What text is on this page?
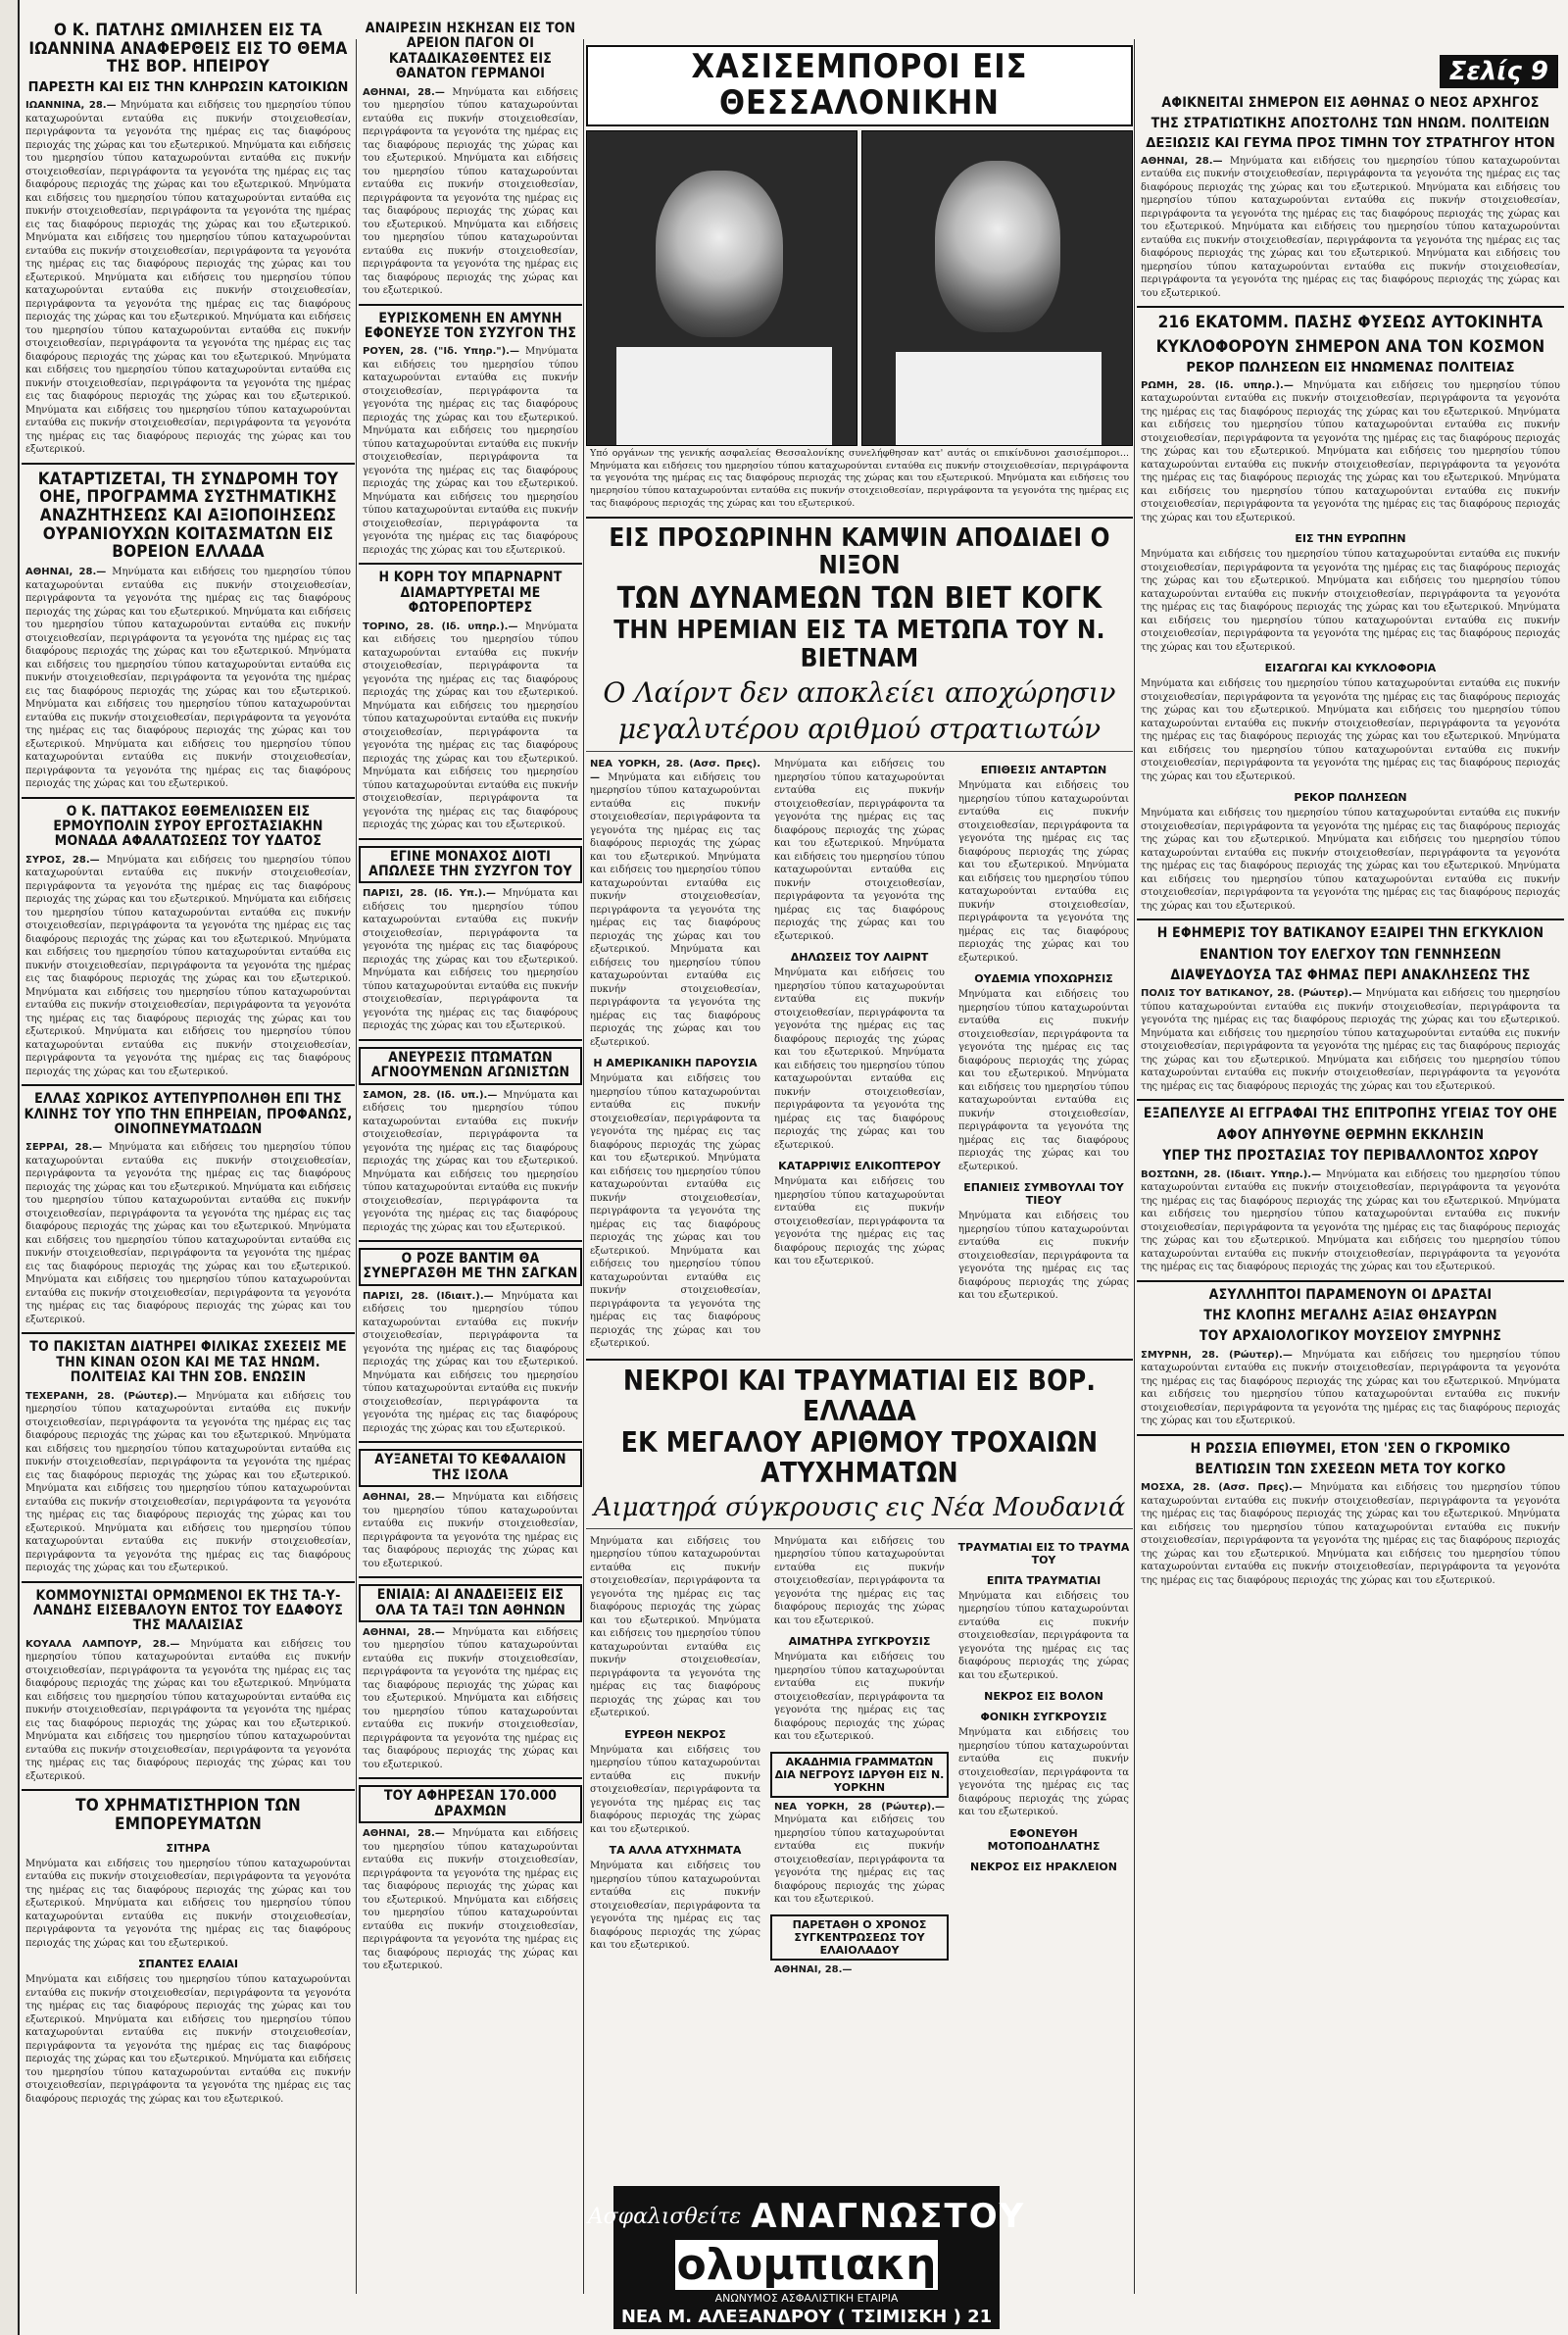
Ο Κ. ΠΑΤΛΗΣ ΩΜΙΛΗΣΕΝ ΕΙΣ ΤΑ ΙΩΑΝΝΙΝΑ ΑΝΑΦΕΡΘΕΙΣ ΕΙΣ ΤΟ ΘΕΜΑ ΤΗΣ ΒΟΡ. ΗΠΕΙΡΟΥ
ΠΑΡΕΣΤΗ ΚΑΙ ΕΙΣ ΤΗΝ ΚΛΗΡΩΣΙΝ ΚΑΤΟΙΚΙΩΝ
ΙΩΑΝΝΙΝΑ, 28.— Μηνύματα και ειδήσεις του ημερησίου τύπου καταχωρούνται ενταύθα εις πυκνήν στοιχειοθεσίαν, περιγράφοντα τα γεγονότα της ημέρας εις τας διαφόρους περιοχάς της χώρας και του εξωτερικού. Μηνύματα και ειδήσεις του ημερησίου τύπου καταχωρούνται ενταύθα εις πυκνήν στοιχειοθεσίαν, περιγράφοντα τα γεγονότα της ημέρας εις τας διαφόρους περιοχάς της χώρας και του εξωτερικού. Μηνύματα και ειδήσεις του ημερησίου τύπου καταχωρούνται ενταύθα εις πυκνήν στοιχειοθεσίαν, περιγράφοντα τα γεγονότα της ημέρας εις τας διαφόρους περιοχάς της χώρας και του εξωτερικού. Μηνύματα και ειδήσεις του ημερησίου τύπου καταχωρούνται ενταύθα εις πυκνήν στοιχειοθεσίαν, περιγράφοντα τα γεγονότα της ημέρας εις τας διαφόρους περιοχάς της χώρας και του εξωτερικού. Μηνύματα και ειδήσεις του ημερησίου τύπου καταχωρούνται ενταύθα εις πυκνήν στοιχειοθεσίαν, περιγράφοντα τα γεγονότα της ημέρας εις τας διαφόρους περιοχάς της χώρας και του εξωτερικού. Μηνύματα και ειδήσεις του ημερησίου τύπου καταχωρούνται ενταύθα εις πυκνήν στοιχειοθεσίαν, περιγράφοντα τα γεγονότα της ημέρας εις τας διαφόρους περιοχάς της χώρας και του εξωτερικού. Μηνύματα και ειδήσεις του ημερησίου τύπου καταχωρούνται ενταύθα εις πυκνήν στοιχειοθεσίαν, περιγράφοντα τα γεγονότα της ημέρας εις τας διαφόρους περιοχάς της χώρας και του εξωτερικού. Μηνύματα και ειδήσεις του ημερησίου τύπου καταχωρούνται ενταύθα εις πυκνήν στοιχειοθεσίαν, περιγράφοντα τα γεγονότα της ημέρας εις τας διαφόρους περιοχάς της χώρας και του εξωτερικού.
ΚΑΤΑΡΤΙΖΕΤΑΙ, ΤΗ ΣΥΝΔΡΟΜΗ ΤΟΥ ΟΗΕ, ΠΡΟΓΡΑΜΜΑ ΣΥΣΤΗΜΑΤΙΚΗΣ ΑΝΑΖΗΤΗΣΕΩΣ ΚΑΙ ΑΞΙΟΠΟΙΗΣΕΩΣ ΟΥΡΑΝΙΟΥΧΩΝ ΚΟΙΤΑΣΜΑΤΩΝ ΕΙΣ ΒΟΡΕΙΟΝ ΕΛΛΑΔΑ
ΑΘΗΝΑΙ, 28.— Μηνύματα και ειδήσεις του ημερησίου τύπου καταχωρούνται ενταύθα εις πυκνήν στοιχειοθεσίαν, περιγράφοντα τα γεγονότα της ημέρας εις τας διαφόρους περιοχάς της χώρας και του εξωτερικού. Μηνύματα και ειδήσεις του ημερησίου τύπου καταχωρούνται ενταύθα εις πυκνήν στοιχειοθεσίαν, περιγράφοντα τα γεγονότα της ημέρας εις τας διαφόρους περιοχάς της χώρας και του εξωτερικού. Μηνύματα και ειδήσεις του ημερησίου τύπου καταχωρούνται ενταύθα εις πυκνήν στοιχειοθεσίαν, περιγράφοντα τα γεγονότα της ημέρας εις τας διαφόρους περιοχάς της χώρας και του εξωτερικού. Μηνύματα και ειδήσεις του ημερησίου τύπου καταχωρούνται ενταύθα εις πυκνήν στοιχειοθεσίαν, περιγράφοντα τα γεγονότα της ημέρας εις τας διαφόρους περιοχάς της χώρας και του εξωτερικού. Μηνύματα και ειδήσεις του ημερησίου τύπου καταχωρούνται ενταύθα εις πυκνήν στοιχειοθεσίαν, περιγράφοντα τα γεγονότα της ημέρας εις τας διαφόρους περιοχάς της χώρας και του εξωτερικού.
Ο Κ. ΠΑΤΤΑΚΟΣ ΕΘΕΜΕΛΙΩΣΕΝ ΕΙΣ ΕΡΜΟΥΠΟΛΙΝ ΣΥΡΟΥ ΕΡΓΟΣΤΑΣΙΑΚΗΝ ΜΟΝΑΔΑ ΑΦΑΛΑΤΩΣΕΩΣ ΤΟΥ ΥΔΑΤΟΣ
ΣΥΡΟΣ, 28.— Μηνύματα και ειδήσεις του ημερησίου τύπου καταχωρούνται ενταύθα εις πυκνήν στοιχειοθεσίαν, περιγράφοντα τα γεγονότα της ημέρας εις τας διαφόρους περιοχάς της χώρας και του εξωτερικού. Μηνύματα και ειδήσεις του ημερησίου τύπου καταχωρούνται ενταύθα εις πυκνήν στοιχειοθεσίαν, περιγράφοντα τα γεγονότα της ημέρας εις τας διαφόρους περιοχάς της χώρας και του εξωτερικού. Μηνύματα και ειδήσεις του ημερησίου τύπου καταχωρούνται ενταύθα εις πυκνήν στοιχειοθεσίαν, περιγράφοντα τα γεγονότα της ημέρας εις τας διαφόρους περιοχάς της χώρας και του εξωτερικού. Μηνύματα και ειδήσεις του ημερησίου τύπου καταχωρούνται ενταύθα εις πυκνήν στοιχειοθεσίαν, περιγράφοντα τα γεγονότα της ημέρας εις τας διαφόρους περιοχάς της χώρας και του εξωτερικού. Μηνύματα και ειδήσεις του ημερησίου τύπου καταχωρούνται ενταύθα εις πυκνήν στοιχειοθεσίαν, περιγράφοντα τα γεγονότα της ημέρας εις τας διαφόρους περιοχάς της χώρας και του εξωτερικού.
ΕΛΛΑΣ ΧΩΡΙΚΟΣ ΑΥΤΕΠΥΡΠΟΛΗΘΗ ΕΠΙ ΤΗΣ ΚΛΙΝΗΣ ΤΟΥ ΥΠΟ ΤΗΝ ΕΠΗΡΕΙΑΝ, ΠΡΟΦΑΝΩΣ, ΟΙΝΟΠΝΕΥΜΑΤΩΔΩΝ
ΣΕΡΡΑΙ, 28.— Μηνύματα και ειδήσεις του ημερησίου τύπου καταχωρούνται ενταύθα εις πυκνήν στοιχειοθεσίαν, περιγράφοντα τα γεγονότα της ημέρας εις τας διαφόρους περιοχάς της χώρας και του εξωτερικού. Μηνύματα και ειδήσεις του ημερησίου τύπου καταχωρούνται ενταύθα εις πυκνήν στοιχειοθεσίαν, περιγράφοντα τα γεγονότα της ημέρας εις τας διαφόρους περιοχάς της χώρας και του εξωτερικού. Μηνύματα και ειδήσεις του ημερησίου τύπου καταχωρούνται ενταύθα εις πυκνήν στοιχειοθεσίαν, περιγράφοντα τα γεγονότα της ημέρας εις τας διαφόρους περιοχάς της χώρας και του εξωτερικού. Μηνύματα και ειδήσεις του ημερησίου τύπου καταχωρούνται ενταύθα εις πυκνήν στοιχειοθεσίαν, περιγράφοντα τα γεγονότα της ημέρας εις τας διαφόρους περιοχάς της χώρας και του εξωτερικού.
ΤΟ ΠΑΚΙΣΤΑΝ ΔΙΑΤΗΡΕΙ ΦΙΛΙΚΑΣ ΣΧΕΣΕΙΣ ΜΕ ΤΗΝ ΚΙΝΑΝ ΟΣΟΝ ΚΑΙ ΜΕ ΤΑΣ ΗΝΩΜ. ΠΟΛΙΤΕΙΑΣ ΚΑΙ ΤΗΝ ΣΟΒ. ΕΝΩΣΙΝ
ΤΕΧΕΡΑΝΗ, 28. (Ρώυτερ).— Μηνύματα και ειδήσεις του ημερησίου τύπου καταχωρούνται ενταύθα εις πυκνήν στοιχειοθεσίαν, περιγράφοντα τα γεγονότα της ημέρας εις τας διαφόρους περιοχάς της χώρας και του εξωτερικού. Μηνύματα και ειδήσεις του ημερησίου τύπου καταχωρούνται ενταύθα εις πυκνήν στοιχειοθεσίαν, περιγράφοντα τα γεγονότα της ημέρας εις τας διαφόρους περιοχάς της χώρας και του εξωτερικού. Μηνύματα και ειδήσεις του ημερησίου τύπου καταχωρούνται ενταύθα εις πυκνήν στοιχειοθεσίαν, περιγράφοντα τα γεγονότα της ημέρας εις τας διαφόρους περιοχάς της χώρας και του εξωτερικού. Μηνύματα και ειδήσεις του ημερησίου τύπου καταχωρούνται ενταύθα εις πυκνήν στοιχειοθεσίαν, περιγράφοντα τα γεγονότα της ημέρας εις τας διαφόρους περιοχάς της χώρας και του εξωτερικού.
ΚΟΜΜΟΥΝΙΣΤΑΙ ΟΡΜΩΜΕΝΟΙ ΕΚ ΤΗΣ ΤΑ-Υ-ΛΑΝΔΗΣ ΕΙΣΕΒΑΛΟΥΝ ΕΝΤΟΣ ΤΟΥ ΕΔΑΦΟΥΣ ΤΗΣ ΜΑΛΑΙΣΙΑΣ
ΚΟΥΑΛΑ ΛΑΜΠΟΥΡ, 28.— Μηνύματα και ειδήσεις του ημερησίου τύπου καταχωρούνται ενταύθα εις πυκνήν στοιχειοθεσίαν, περιγράφοντα τα γεγονότα της ημέρας εις τας διαφόρους περιοχάς της χώρας και του εξωτερικού. Μηνύματα και ειδήσεις του ημερησίου τύπου καταχωρούνται ενταύθα εις πυκνήν στοιχειοθεσίαν, περιγράφοντα τα γεγονότα της ημέρας εις τας διαφόρους περιοχάς της χώρας και του εξωτερικού. Μηνύματα και ειδήσεις του ημερησίου τύπου καταχωρούνται ενταύθα εις πυκνήν στοιχειοθεσίαν, περιγράφοντα τα γεγονότα της ημέρας εις τας διαφόρους περιοχάς της χώρας και του εξωτερικού.
ΤΟ ΧΡΗΜΑΤΙΣΤΗΡΙΟΝ ΤΩΝ ΕΜΠΟΡΕΥΜΑΤΩΝ
ΣΙΤΗΡΑ
Μηνύματα και ειδήσεις του ημερησίου τύπου καταχωρούνται ενταύθα εις πυκνήν στοιχειοθεσίαν, περιγράφοντα τα γεγονότα της ημέρας εις τας διαφόρους περιοχάς της χώρας και του εξωτερικού. Μηνύματα και ειδήσεις του ημερησίου τύπου καταχωρούνται ενταύθα εις πυκνήν στοιχειοθεσίαν, περιγράφοντα τα γεγονότα της ημέρας εις τας διαφόρους περιοχάς της χώρας και του εξωτερικού.
ΣΠΑΝΤΕΣ ΕΛΑΙΑΙ
Μηνύματα και ειδήσεις του ημερησίου τύπου καταχωρούνται ενταύθα εις πυκνήν στοιχειοθεσίαν, περιγράφοντα τα γεγονότα της ημέρας εις τας διαφόρους περιοχάς της χώρας και του εξωτερικού. Μηνύματα και ειδήσεις του ημερησίου τύπου καταχωρούνται ενταύθα εις πυκνήν στοιχειοθεσίαν, περιγράφοντα τα γεγονότα της ημέρας εις τας διαφόρους περιοχάς της χώρας και του εξωτερικού. Μηνύματα και ειδήσεις του ημερησίου τύπου καταχωρούνται ενταύθα εις πυκνήν στοιχειοθεσίαν, περιγράφοντα τα γεγονότα της ημέρας εις τας διαφόρους περιοχάς της χώρας και του εξωτερικού.
ΑΝΑΙΡΕΣΙΝ ΗΣΚΗΣΑΝ ΕΙΣ ΤΟΝ ΑΡΕΙΟΝ ΠΑΓΟΝ ΟΙ ΚΑΤΑΔΙΚΑΣΘΕΝΤΕΣ ΕΙΣ ΘΑΝΑΤΟΝ ΓΕΡΜΑΝΟΙ
ΑΘΗΝΑΙ, 28.— Μηνύματα και ειδήσεις του ημερησίου τύπου καταχωρούνται ενταύθα εις πυκνήν στοιχειοθεσίαν, περιγράφοντα τα γεγονότα της ημέρας εις τας διαφόρους περιοχάς της χώρας και του εξωτερικού. Μηνύματα και ειδήσεις του ημερησίου τύπου καταχωρούνται ενταύθα εις πυκνήν στοιχειοθεσίαν, περιγράφοντα τα γεγονότα της ημέρας εις τας διαφόρους περιοχάς της χώρας και του εξωτερικού. Μηνύματα και ειδήσεις του ημερησίου τύπου καταχωρούνται ενταύθα εις πυκνήν στοιχειοθεσίαν, περιγράφοντα τα γεγονότα της ημέρας εις τας διαφόρους περιοχάς της χώρας και του εξωτερικού.
ΕΥΡΙΣΚΟΜΕΝΗ ΕΝ ΑΜΥΝΗ ΕΦΟΝΕΥΣΕ ΤΟΝ ΣΥΖΥΓΟΝ ΤΗΣ
ΡΟΥΕΝ, 28. ("Ιδ. Υπηρ.").— Μηνύματα και ειδήσεις του ημερησίου τύπου καταχωρούνται ενταύθα εις πυκνήν στοιχειοθεσίαν, περιγράφοντα τα γεγονότα της ημέρας εις τας διαφόρους περιοχάς της χώρας και του εξωτερικού. Μηνύματα και ειδήσεις του ημερησίου τύπου καταχωρούνται ενταύθα εις πυκνήν στοιχειοθεσίαν, περιγράφοντα τα γεγονότα της ημέρας εις τας διαφόρους περιοχάς της χώρας και του εξωτερικού. Μηνύματα και ειδήσεις του ημερησίου τύπου καταχωρούνται ενταύθα εις πυκνήν στοιχειοθεσίαν, περιγράφοντα τα γεγονότα της ημέρας εις τας διαφόρους περιοχάς της χώρας και του εξωτερικού.
Η ΚΟΡΗ ΤΟΥ ΜΠΑΡΝΑΡΝΤ ΔΙΑΜΑΡΤΥΡΕΤΑΙ ΜΕ ΦΩΤΟΡΕΠΟΡΤΕΡΣ
ΤΟΡΙΝΟ, 28. (Ιδ. υπηρ.).— Μηνύματα και ειδήσεις του ημερησίου τύπου καταχωρούνται ενταύθα εις πυκνήν στοιχειοθεσίαν, περιγράφοντα τα γεγονότα της ημέρας εις τας διαφόρους περιοχάς της χώρας και του εξωτερικού. Μηνύματα και ειδήσεις του ημερησίου τύπου καταχωρούνται ενταύθα εις πυκνήν στοιχειοθεσίαν, περιγράφοντα τα γεγονότα της ημέρας εις τας διαφόρους περιοχάς της χώρας και του εξωτερικού. Μηνύματα και ειδήσεις του ημερησίου τύπου καταχωρούνται ενταύθα εις πυκνήν στοιχειοθεσίαν, περιγράφοντα τα γεγονότα της ημέρας εις τας διαφόρους περιοχάς της χώρας και του εξωτερικού.
ΕΓΙΝΕ ΜΟΝΑΧΟΣ ΔΙΟΤΙ ΑΠΩΛΕΣΕ ΤΗΝ ΣΥΖΥΓΟΝ ΤΟΥ
ΠΑΡΙΣΙ, 28. (Ιδ. Υπ.).— Μηνύματα και ειδήσεις του ημερησίου τύπου καταχωρούνται ενταύθα εις πυκνήν στοιχειοθεσίαν, περιγράφοντα τα γεγονότα της ημέρας εις τας διαφόρους περιοχάς της χώρας και του εξωτερικού. Μηνύματα και ειδήσεις του ημερησίου τύπου καταχωρούνται ενταύθα εις πυκνήν στοιχειοθεσίαν, περιγράφοντα τα γεγονότα της ημέρας εις τας διαφόρους περιοχάς της χώρας και του εξωτερικού.
ΑΝΕΥΡΕΣΙΣ ΠΤΩΜΑΤΩΝ ΑΓΝΟΟΥΜΕΝΩΝ ΑΓΩΝΙΣΤΩΝ
ΣΑΜΟΝ, 28. (Ιδ. υπ.).— Μηνύματα και ειδήσεις του ημερησίου τύπου καταχωρούνται ενταύθα εις πυκνήν στοιχειοθεσίαν, περιγράφοντα τα γεγονότα της ημέρας εις τας διαφόρους περιοχάς της χώρας και του εξωτερικού. Μηνύματα και ειδήσεις του ημερησίου τύπου καταχωρούνται ενταύθα εις πυκνήν στοιχειοθεσίαν, περιγράφοντα τα γεγονότα της ημέρας εις τας διαφόρους περιοχάς της χώρας και του εξωτερικού.
Ο ΡΟΖΕ ΒΑΝΤΙΜ ΘΑ ΣΥΝΕΡΓΑΣΘΗ ΜΕ ΤΗΝ ΣΑΓΚΑΝ
ΠΑΡΙΣΙ, 28. (Ιδιαιτ.).— Μηνύματα και ειδήσεις του ημερησίου τύπου καταχωρούνται ενταύθα εις πυκνήν στοιχειοθεσίαν, περιγράφοντα τα γεγονότα της ημέρας εις τας διαφόρους περιοχάς της χώρας και του εξωτερικού. Μηνύματα και ειδήσεις του ημερησίου τύπου καταχωρούνται ενταύθα εις πυκνήν στοιχειοθεσίαν, περιγράφοντα τα γεγονότα της ημέρας εις τας διαφόρους περιοχάς της χώρας και του εξωτερικού.
ΑΥΞΑΝΕΤΑΙ ΤΟ ΚΕΦΑΛΑΙΟΝ ΤΗΣ ΙΣΟΛΑ
ΑΘΗΝΑΙ, 28.— Μηνύματα και ειδήσεις του ημερησίου τύπου καταχωρούνται ενταύθα εις πυκνήν στοιχειοθεσίαν, περιγράφοντα τα γεγονότα της ημέρας εις τας διαφόρους περιοχάς της χώρας και του εξωτερικού.
ΕΝΙΑΙΑ: ΑΙ ΑΝΑΔΕΙΞΕΙΣ ΕΙΣ ΟΛΑ ΤΑ ΤΑΞΙ ΤΩΝ ΑΘΗΝΩΝ
ΑΘΗΝΑΙ, 28.— Μηνύματα και ειδήσεις του ημερησίου τύπου καταχωρούνται ενταύθα εις πυκνήν στοιχειοθεσίαν, περιγράφοντα τα γεγονότα της ημέρας εις τας διαφόρους περιοχάς της χώρας και του εξωτερικού. Μηνύματα και ειδήσεις του ημερησίου τύπου καταχωρούνται ενταύθα εις πυκνήν στοιχειοθεσίαν, περιγράφοντα τα γεγονότα της ημέρας εις τας διαφόρους περιοχάς της χώρας και του εξωτερικού.
ΤΟΥ ΑΦΗΡΕΣΑΝ 170.000 ΔΡΑΧΜΩΝ
ΑΘΗΝΑΙ, 28.— Μηνύματα και ειδήσεις του ημερησίου τύπου καταχωρούνται ενταύθα εις πυκνήν στοιχειοθεσίαν, περιγράφοντα τα γεγονότα της ημέρας εις τας διαφόρους περιοχάς της χώρας και του εξωτερικού. Μηνύματα και ειδήσεις του ημερησίου τύπου καταχωρούνται ενταύθα εις πυκνήν στοιχειοθεσίαν, περιγράφοντα τα γεγονότα της ημέρας εις τας διαφόρους περιοχάς της χώρας και του εξωτερικού.
ΧΑΣΙΣΕΜΠΟΡΟΙ ΕΙΣ ΘΕΣΣΑΛΟΝΙΚΗΝ
Υπό οργάνων της γενικής ασφαλείας Θεσσαλονίκης συνελήφθησαν κατ' αυτάς οι επικίνδυνοι χασισέμποροι... Μηνύματα και ειδήσεις του ημερησίου τύπου καταχωρούνται ενταύθα εις πυκνήν στοιχειοθεσίαν, περιγράφοντα τα γεγονότα της ημέρας εις τας διαφόρους περιοχάς της χώρας και του εξωτερικού. Μηνύματα και ειδήσεις του ημερησίου τύπου καταχωρούνται ενταύθα εις πυκνήν στοιχειοθεσίαν, περιγράφοντα τα γεγονότα της ημέρας εις τας διαφόρους περιοχάς της χώρας και του εξωτερικού.
ΕΙΣ ΠΡΟΣΩΡΙΝΗΝ ΚΑΜΨΙΝ ΑΠΟΔΙΔΕΙ Ο ΝΙΞΟΝ
ΤΩΝ ΔΥΝΑΜΕΩΝ ΤΩΝ ΒΙΕΤ ΚΟΓΚ
ΤΗΝ ΗΡΕΜΙΑΝ ΕΙΣ ΤΑ ΜΕΤΩΠΑ ΤΟΥ Ν. ΒΙΕΤΝΑΜ
Ο Λαίρντ δεν αποκλείει αποχώρησιν
μεγαλυτέρου αριθμού στρατιωτών
ΝΕΑ ΥΟΡΚΗ, 28. (Ασσ. Πρες).— Μηνύματα και ειδήσεις του ημερησίου τύπου καταχωρούνται ενταύθα εις πυκνήν στοιχειοθεσίαν, περιγράφοντα τα γεγονότα της ημέρας εις τας διαφόρους περιοχάς της χώρας και του εξωτερικού. Μηνύματα και ειδήσεις του ημερησίου τύπου καταχωρούνται ενταύθα εις πυκνήν στοιχειοθεσίαν, περιγράφοντα τα γεγονότα της ημέρας εις τας διαφόρους περιοχάς της χώρας και του εξωτερικού. Μηνύματα και ειδήσεις του ημερησίου τύπου καταχωρούνται ενταύθα εις πυκνήν στοιχειοθεσίαν, περιγράφοντα τα γεγονότα της ημέρας εις τας διαφόρους περιοχάς της χώρας και του εξωτερικού.
Η ΑΜΕΡΙΚΑΝΙΚΗ ΠΑΡΟΥΣΙΑ
Μηνύματα και ειδήσεις του ημερησίου τύπου καταχωρούνται ενταύθα εις πυκνήν στοιχειοθεσίαν, περιγράφοντα τα γεγονότα της ημέρας εις τας διαφόρους περιοχάς της χώρας και του εξωτερικού. Μηνύματα και ειδήσεις του ημερησίου τύπου καταχωρούνται ενταύθα εις πυκνήν στοιχειοθεσίαν, περιγράφοντα τα γεγονότα της ημέρας εις τας διαφόρους περιοχάς της χώρας και του εξωτερικού. Μηνύματα και ειδήσεις του ημερησίου τύπου καταχωρούνται ενταύθα εις πυκνήν στοιχειοθεσίαν, περιγράφοντα τα γεγονότα της ημέρας εις τας διαφόρους περιοχάς της χώρας και του εξωτερικού.
Μηνύματα και ειδήσεις του ημερησίου τύπου καταχωρούνται ενταύθα εις πυκνήν στοιχειοθεσίαν, περιγράφοντα τα γεγονότα της ημέρας εις τας διαφόρους περιοχάς της χώρας και του εξωτερικού. Μηνύματα και ειδήσεις του ημερησίου τύπου καταχωρούνται ενταύθα εις πυκνήν στοιχειοθεσίαν, περιγράφοντα τα γεγονότα της ημέρας εις τας διαφόρους περιοχάς της χώρας και του εξωτερικού.
ΔΗΛΩΣΕΙΣ ΤΟΥ ΛΑΙΡΝΤ
Μηνύματα και ειδήσεις του ημερησίου τύπου καταχωρούνται ενταύθα εις πυκνήν στοιχειοθεσίαν, περιγράφοντα τα γεγονότα της ημέρας εις τας διαφόρους περιοχάς της χώρας και του εξωτερικού. Μηνύματα και ειδήσεις του ημερησίου τύπου καταχωρούνται ενταύθα εις πυκνήν στοιχειοθεσίαν, περιγράφοντα τα γεγονότα της ημέρας εις τας διαφόρους περιοχάς της χώρας και του εξωτερικού.
ΚΑΤΑΡΡΙΨΙΣ ΕΛΙΚΟΠΤΕΡΟΥ
Μηνύματα και ειδήσεις του ημερησίου τύπου καταχωρούνται ενταύθα εις πυκνήν στοιχειοθεσίαν, περιγράφοντα τα γεγονότα της ημέρας εις τας διαφόρους περιοχάς της χώρας και του εξωτερικού.
ΕΠΙΘΕΣΙΣ ΑΝΤΑΡΤΩΝ
Μηνύματα και ειδήσεις του ημερησίου τύπου καταχωρούνται ενταύθα εις πυκνήν στοιχειοθεσίαν, περιγράφοντα τα γεγονότα της ημέρας εις τας διαφόρους περιοχάς της χώρας και του εξωτερικού. Μηνύματα και ειδήσεις του ημερησίου τύπου καταχωρούνται ενταύθα εις πυκνήν στοιχειοθεσίαν, περιγράφοντα τα γεγονότα της ημέρας εις τας διαφόρους περιοχάς της χώρας και του εξωτερικού.
ΟΥΔΕΜΙΑ ΥΠΟΧΩΡΗΣΙΣ
Μηνύματα και ειδήσεις του ημερησίου τύπου καταχωρούνται ενταύθα εις πυκνήν στοιχειοθεσίαν, περιγράφοντα τα γεγονότα της ημέρας εις τας διαφόρους περιοχάς της χώρας και του εξωτερικού. Μηνύματα και ειδήσεις του ημερησίου τύπου καταχωρούνται ενταύθα εις πυκνήν στοιχειοθεσίαν, περιγράφοντα τα γεγονότα της ημέρας εις τας διαφόρους περιοχάς της χώρας και του εξωτερικού.
ΕΠΑΝΙΕΙΣ ΣΥΜΒΟΥΛΑΙ ΤΟΥ ΤΙΕΟΥ
Μηνύματα και ειδήσεις του ημερησίου τύπου καταχωρούνται ενταύθα εις πυκνήν στοιχειοθεσίαν, περιγράφοντα τα γεγονότα της ημέρας εις τας διαφόρους περιοχάς της χώρας και του εξωτερικού.
ΝΕΚΡΟΙ ΚΑΙ ΤΡΑΥΜΑΤΙΑΙ ΕΙΣ ΒΟΡ. ΕΛΛΑΔΑ
ΕΚ ΜΕΓΑΛΟΥ ΑΡΙΘΜΟΥ ΤΡΟΧΑΙΩΝ ΑΤΥΧΗΜΑΤΩΝ
Αιματηρά σύγκρουσις εις Νέα Μουδανιά
Μηνύματα και ειδήσεις του ημερησίου τύπου καταχωρούνται ενταύθα εις πυκνήν στοιχειοθεσίαν, περιγράφοντα τα γεγονότα της ημέρας εις τας διαφόρους περιοχάς της χώρας και του εξωτερικού. Μηνύματα και ειδήσεις του ημερησίου τύπου καταχωρούνται ενταύθα εις πυκνήν στοιχειοθεσίαν, περιγράφοντα τα γεγονότα της ημέρας εις τας διαφόρους περιοχάς της χώρας και του εξωτερικού.
ΕΥΡΕΘΗ ΝΕΚΡΟΣ
Μηνύματα και ειδήσεις του ημερησίου τύπου καταχωρούνται ενταύθα εις πυκνήν στοιχειοθεσίαν, περιγράφοντα τα γεγονότα της ημέρας εις τας διαφόρους περιοχάς της χώρας και του εξωτερικού.
ΤΑ ΑΛΛΑ ΑΤΥΧΗΜΑΤΑ
Μηνύματα και ειδήσεις του ημερησίου τύπου καταχωρούνται ενταύθα εις πυκνήν στοιχειοθεσίαν, περιγράφοντα τα γεγονότα της ημέρας εις τας διαφόρους περιοχάς της χώρας και του εξωτερικού.
Μηνύματα και ειδήσεις του ημερησίου τύπου καταχωρούνται ενταύθα εις πυκνήν στοιχειοθεσίαν, περιγράφοντα τα γεγονότα της ημέρας εις τας διαφόρους περιοχάς της χώρας και του εξωτερικού.
ΑΙΜΑΤΗΡΑ ΣΥΓΚΡΟΥΣΙΣ
Μηνύματα και ειδήσεις του ημερησίου τύπου καταχωρούνται ενταύθα εις πυκνήν στοιχειοθεσίαν, περιγράφοντα τα γεγονότα της ημέρας εις τας διαφόρους περιοχάς της χώρας και του εξωτερικού.
ΑΚΑΔΗΜΙΑ ΓΡΑΜΜΑΤΩΝ ΔΙΑ ΝΕΓΡΟΥΣ ΙΔΡΥΘΗ ΕΙΣ Ν. ΥΟΡΚΗΝ
ΝΕΑ ΥΟΡΚΗ, 28 (Ρώυτερ).— Μηνύματα και ειδήσεις του ημερησίου τύπου καταχωρούνται ενταύθα εις πυκνήν στοιχειοθεσίαν, περιγράφοντα τα γεγονότα της ημέρας εις τας διαφόρους περιοχάς της χώρας και του εξωτερικού.
ΠΑΡΕΤΑΘΗ Ο ΧΡΟΝΟΣ ΣΥΓΚΕΝΤΡΩΣΕΩΣ ΤΟΥ ΕΛΑΙΟΛΑΔΟΥ
ΑΘΗΝΑΙ, 28.—
ΤΡΑΥΜΑΤΙΑΙ ΕΙΣ ΤΟ ΤΡΑΥΜΑ ΤΟΥ
ΕΠΙΤΑ ΤΡΑΥΜΑΤΙΑΙ
Μηνύματα και ειδήσεις του ημερησίου τύπου καταχωρούνται ενταύθα εις πυκνήν στοιχειοθεσίαν, περιγράφοντα τα γεγονότα της ημέρας εις τας διαφόρους περιοχάς της χώρας και του εξωτερικού.
ΝΕΚΡΟΣ ΕΙΣ ΒΟΛΟΝ
ΦΟΝΙΚΗ ΣΥΓΚΡΟΥΣΙΣ
Μηνύματα και ειδήσεις του ημερησίου τύπου καταχωρούνται ενταύθα εις πυκνήν στοιχειοθεσίαν, περιγράφοντα τα γεγονότα της ημέρας εις τας διαφόρους περιοχάς της χώρας και του εξωτερικού.
ΕΦΟΝΕΥΘΗ ΜΟΤΟΠΟΔΗΛΑΤΗΣ
ΝΕΚΡΟΣ ΕΙΣ ΗΡΑΚΛΕΙΟΝ
Ασφαλισθείτε ΑΝΑΓΝΩΣΤΟΥ
ολυμπιακη
ΑΝΩΝΥΜΟΣ ΑΣΦΑΛΙΣΤΙΚΗ ΕΤΑΙΡΙΑ
ΝΕΑ Μ. ΑΛΕΞΑΝΔΡΟΥ ( ΤΣΙΜΙΣΚΗ ) 21
Σελίς 9
ΑΦΙΚΝΕΙΤΑΙ ΣΗΜΕΡΟΝ ΕΙΣ ΑΘΗΝΑΣ Ο ΝΕΟΣ ΑΡΧΗΓΟΣ
ΤΗΣ ΣΤΡΑΤΙΩΤΙΚΗΣ ΑΠΟΣΤΟΛΗΣ ΤΩΝ ΗΝΩΜ. ΠΟΛΙΤΕΙΩΝ
ΔΕΞΙΩΣΙΣ ΚΑΙ ΓΕΥΜΑ ΠΡΟΣ ΤΙΜΗΝ ΤΟΥ ΣΤΡΑΤΗΓΟΥ ΗΤΟΝ
ΑΘΗΝΑΙ, 28.— Μηνύματα και ειδήσεις του ημερησίου τύπου καταχωρούνται ενταύθα εις πυκνήν στοιχειοθεσίαν, περιγράφοντα τα γεγονότα της ημέρας εις τας διαφόρους περιοχάς της χώρας και του εξωτερικού. Μηνύματα και ειδήσεις του ημερησίου τύπου καταχωρούνται ενταύθα εις πυκνήν στοιχειοθεσίαν, περιγράφοντα τα γεγονότα της ημέρας εις τας διαφόρους περιοχάς της χώρας και του εξωτερικού. Μηνύματα και ειδήσεις του ημερησίου τύπου καταχωρούνται ενταύθα εις πυκνήν στοιχειοθεσίαν, περιγράφοντα τα γεγονότα της ημέρας εις τας διαφόρους περιοχάς της χώρας και του εξωτερικού. Μηνύματα και ειδήσεις του ημερησίου τύπου καταχωρούνται ενταύθα εις πυκνήν στοιχειοθεσίαν, περιγράφοντα τα γεγονότα της ημέρας εις τας διαφόρους περιοχάς της χώρας και του εξωτερικού.
216 ΕΚΑΤΟΜΜ. ΠΑΣΗΣ ΦΥΣΕΩΣ ΑΥΤΟΚΙΝΗΤΑ
ΚΥΚΛΟΦΟΡΟΥΝ ΣΗΜΕΡΟΝ ΑΝΑ ΤΟΝ ΚΟΣΜΟΝ
ΡΕΚΟΡ ΠΩΛΗΣΕΩΝ ΕΙΣ ΗΝΩΜΕΝΑΣ ΠΟΛΙΤΕΙΑΣ
ΡΩΜΗ, 28. (Ιδ. υπηρ.).— Μηνύματα και ειδήσεις του ημερησίου τύπου καταχωρούνται ενταύθα εις πυκνήν στοιχειοθεσίαν, περιγράφοντα τα γεγονότα της ημέρας εις τας διαφόρους περιοχάς της χώρας και του εξωτερικού. Μηνύματα και ειδήσεις του ημερησίου τύπου καταχωρούνται ενταύθα εις πυκνήν στοιχειοθεσίαν, περιγράφοντα τα γεγονότα της ημέρας εις τας διαφόρους περιοχάς της χώρας και του εξωτερικού. Μηνύματα και ειδήσεις του ημερησίου τύπου καταχωρούνται ενταύθα εις πυκνήν στοιχειοθεσίαν, περιγράφοντα τα γεγονότα της ημέρας εις τας διαφόρους περιοχάς της χώρας και του εξωτερικού. Μηνύματα και ειδήσεις του ημερησίου τύπου καταχωρούνται ενταύθα εις πυκνήν στοιχειοθεσίαν, περιγράφοντα τα γεγονότα της ημέρας εις τας διαφόρους περιοχάς της χώρας και του εξωτερικού.
ΕΙΣ ΤΗΝ ΕΥΡΩΠΗΝ
Μηνύματα και ειδήσεις του ημερησίου τύπου καταχωρούνται ενταύθα εις πυκνήν στοιχειοθεσίαν, περιγράφοντα τα γεγονότα της ημέρας εις τας διαφόρους περιοχάς της χώρας και του εξωτερικού. Μηνύματα και ειδήσεις του ημερησίου τύπου καταχωρούνται ενταύθα εις πυκνήν στοιχειοθεσίαν, περιγράφοντα τα γεγονότα της ημέρας εις τας διαφόρους περιοχάς της χώρας και του εξωτερικού. Μηνύματα και ειδήσεις του ημερησίου τύπου καταχωρούνται ενταύθα εις πυκνήν στοιχειοθεσίαν, περιγράφοντα τα γεγονότα της ημέρας εις τας διαφόρους περιοχάς της χώρας και του εξωτερικού.
ΕΙΣΑΓΩΓΑΙ ΚΑΙ ΚΥΚΛΟΦΟΡΙΑ
Μηνύματα και ειδήσεις του ημερησίου τύπου καταχωρούνται ενταύθα εις πυκνήν στοιχειοθεσίαν, περιγράφοντα τα γεγονότα της ημέρας εις τας διαφόρους περιοχάς της χώρας και του εξωτερικού. Μηνύματα και ειδήσεις του ημερησίου τύπου καταχωρούνται ενταύθα εις πυκνήν στοιχειοθεσίαν, περιγράφοντα τα γεγονότα της ημέρας εις τας διαφόρους περιοχάς της χώρας και του εξωτερικού. Μηνύματα και ειδήσεις του ημερησίου τύπου καταχωρούνται ενταύθα εις πυκνήν στοιχειοθεσίαν, περιγράφοντα τα γεγονότα της ημέρας εις τας διαφόρους περιοχάς της χώρας και του εξωτερικού.
ΡΕΚΟΡ ΠΩΛΗΣΕΩΝ
Μηνύματα και ειδήσεις του ημερησίου τύπου καταχωρούνται ενταύθα εις πυκνήν στοιχειοθεσίαν, περιγράφοντα τα γεγονότα της ημέρας εις τας διαφόρους περιοχάς της χώρας και του εξωτερικού. Μηνύματα και ειδήσεις του ημερησίου τύπου καταχωρούνται ενταύθα εις πυκνήν στοιχειοθεσίαν, περιγράφοντα τα γεγονότα της ημέρας εις τας διαφόρους περιοχάς της χώρας και του εξωτερικού. Μηνύματα και ειδήσεις του ημερησίου τύπου καταχωρούνται ενταύθα εις πυκνήν στοιχειοθεσίαν, περιγράφοντα τα γεγονότα της ημέρας εις τας διαφόρους περιοχάς της χώρας και του εξωτερικού.
Η ΕΦΗΜΕΡΙΣ ΤΟΥ ΒΑΤΙΚΑΝΟΥ ΕΞΑΙΡΕΙ ΤΗΝ ΕΓΚΥΚΛΙΟΝ
ΕΝΑΝΤΙΟΝ ΤΟΥ ΕΛΕΓΧΟΥ ΤΩΝ ΓΕΝΝΗΣΕΩΝ
ΔΙΑΨΕΥΔΟΥΣΑ ΤΑΣ ΦΗΜΑΣ ΠΕΡΙ ΑΝΑΚΛΗΣΕΩΣ ΤΗΣ
ΠΟΛΙΣ ΤΟΥ ΒΑΤΙΚΑΝΟΥ, 28. (Ρώυτερ).— Μηνύματα και ειδήσεις του ημερησίου τύπου καταχωρούνται ενταύθα εις πυκνήν στοιχειοθεσίαν, περιγράφοντα τα γεγονότα της ημέρας εις τας διαφόρους περιοχάς της χώρας και του εξωτερικού. Μηνύματα και ειδήσεις του ημερησίου τύπου καταχωρούνται ενταύθα εις πυκνήν στοιχειοθεσίαν, περιγράφοντα τα γεγονότα της ημέρας εις τας διαφόρους περιοχάς της χώρας και του εξωτερικού. Μηνύματα και ειδήσεις του ημερησίου τύπου καταχωρούνται ενταύθα εις πυκνήν στοιχειοθεσίαν, περιγράφοντα τα γεγονότα της ημέρας εις τας διαφόρους περιοχάς της χώρας και του εξωτερικού.
ΕΞΑΠΕΛΥΣΕ ΑΙ ΕΓΓΡΑΦΑΙ ΤΗΣ ΕΠΙΤΡΟΠΗΣ ΥΓΕΙΑΣ ΤΟΥ ΟΗΕ
ΑΦΟΥ ΑΠΗΥΘΥΝΕ ΘΕΡΜΗΝ ΕΚΚΛΗΣΙΝ
ΥΠΕΡ ΤΗΣ ΠΡΟΣΤΑΣΙΑΣ ΤΟΥ ΠΕΡΙΒΑΛΛΟΝΤΟΣ ΧΩΡΟΥ
ΒΟΣΤΩΝΗ, 28. (Ιδιαιτ. Υπηρ.).— Μηνύματα και ειδήσεις του ημερησίου τύπου καταχωρούνται ενταύθα εις πυκνήν στοιχειοθεσίαν, περιγράφοντα τα γεγονότα της ημέρας εις τας διαφόρους περιοχάς της χώρας και του εξωτερικού. Μηνύματα και ειδήσεις του ημερησίου τύπου καταχωρούνται ενταύθα εις πυκνήν στοιχειοθεσίαν, περιγράφοντα τα γεγονότα της ημέρας εις τας διαφόρους περιοχάς της χώρας και του εξωτερικού. Μηνύματα και ειδήσεις του ημερησίου τύπου καταχωρούνται ενταύθα εις πυκνήν στοιχειοθεσίαν, περιγράφοντα τα γεγονότα της ημέρας εις τας διαφόρους περιοχάς της χώρας και του εξωτερικού.
ΑΣΥΛΛΗΠΤΟΙ ΠΑΡΑΜΕΝΟΥΝ ΟΙ ΔΡΑΣΤΑΙ
ΤΗΣ ΚΛΟΠΗΣ ΜΕΓΑΛΗΣ ΑΞΙΑΣ ΘΗΣΑΥΡΩΝ
ΤΟΥ ΑΡΧΑΙΟΛΟΓΙΚΟΥ ΜΟΥΣΕΙΟΥ ΣΜΥΡΝΗΣ
ΣΜΥΡΝΗ, 28. (Ρώυτερ).— Μηνύματα και ειδήσεις του ημερησίου τύπου καταχωρούνται ενταύθα εις πυκνήν στοιχειοθεσίαν, περιγράφοντα τα γεγονότα της ημέρας εις τας διαφόρους περιοχάς της χώρας και του εξωτερικού. Μηνύματα και ειδήσεις του ημερησίου τύπου καταχωρούνται ενταύθα εις πυκνήν στοιχειοθεσίαν, περιγράφοντα τα γεγονότα της ημέρας εις τας διαφόρους περιοχάς της χώρας και του εξωτερικού.
Η ΡΩΣΣΙΑ ΕΠΙΘΥΜΕΙ, ΕΤΟΝ 'ΣΕΝ Ο ΓΚΡΟΜΙΚΟ
ΒΕΛΤΙΩΣΙΝ ΤΩΝ ΣΧΕΣΕΩΝ ΜΕΤΑ ΤΟΥ ΚΟΓΚΟ
ΜΟΣΧΑ, 28. (Ασσ. Πρες).— Μηνύματα και ειδήσεις του ημερησίου τύπου καταχωρούνται ενταύθα εις πυκνήν στοιχειοθεσίαν, περιγράφοντα τα γεγονότα της ημέρας εις τας διαφόρους περιοχάς της χώρας και του εξωτερικού. Μηνύματα και ειδήσεις του ημερησίου τύπου καταχωρούνται ενταύθα εις πυκνήν στοιχειοθεσίαν, περιγράφοντα τα γεγονότα της ημέρας εις τας διαφόρους περιοχάς της χώρας και του εξωτερικού. Μηνύματα και ειδήσεις του ημερησίου τύπου καταχωρούνται ενταύθα εις πυκνήν στοιχειοθεσίαν, περιγράφοντα τα γεγονότα της ημέρας εις τας διαφόρους περιοχάς της χώρας και του εξωτερικού.
